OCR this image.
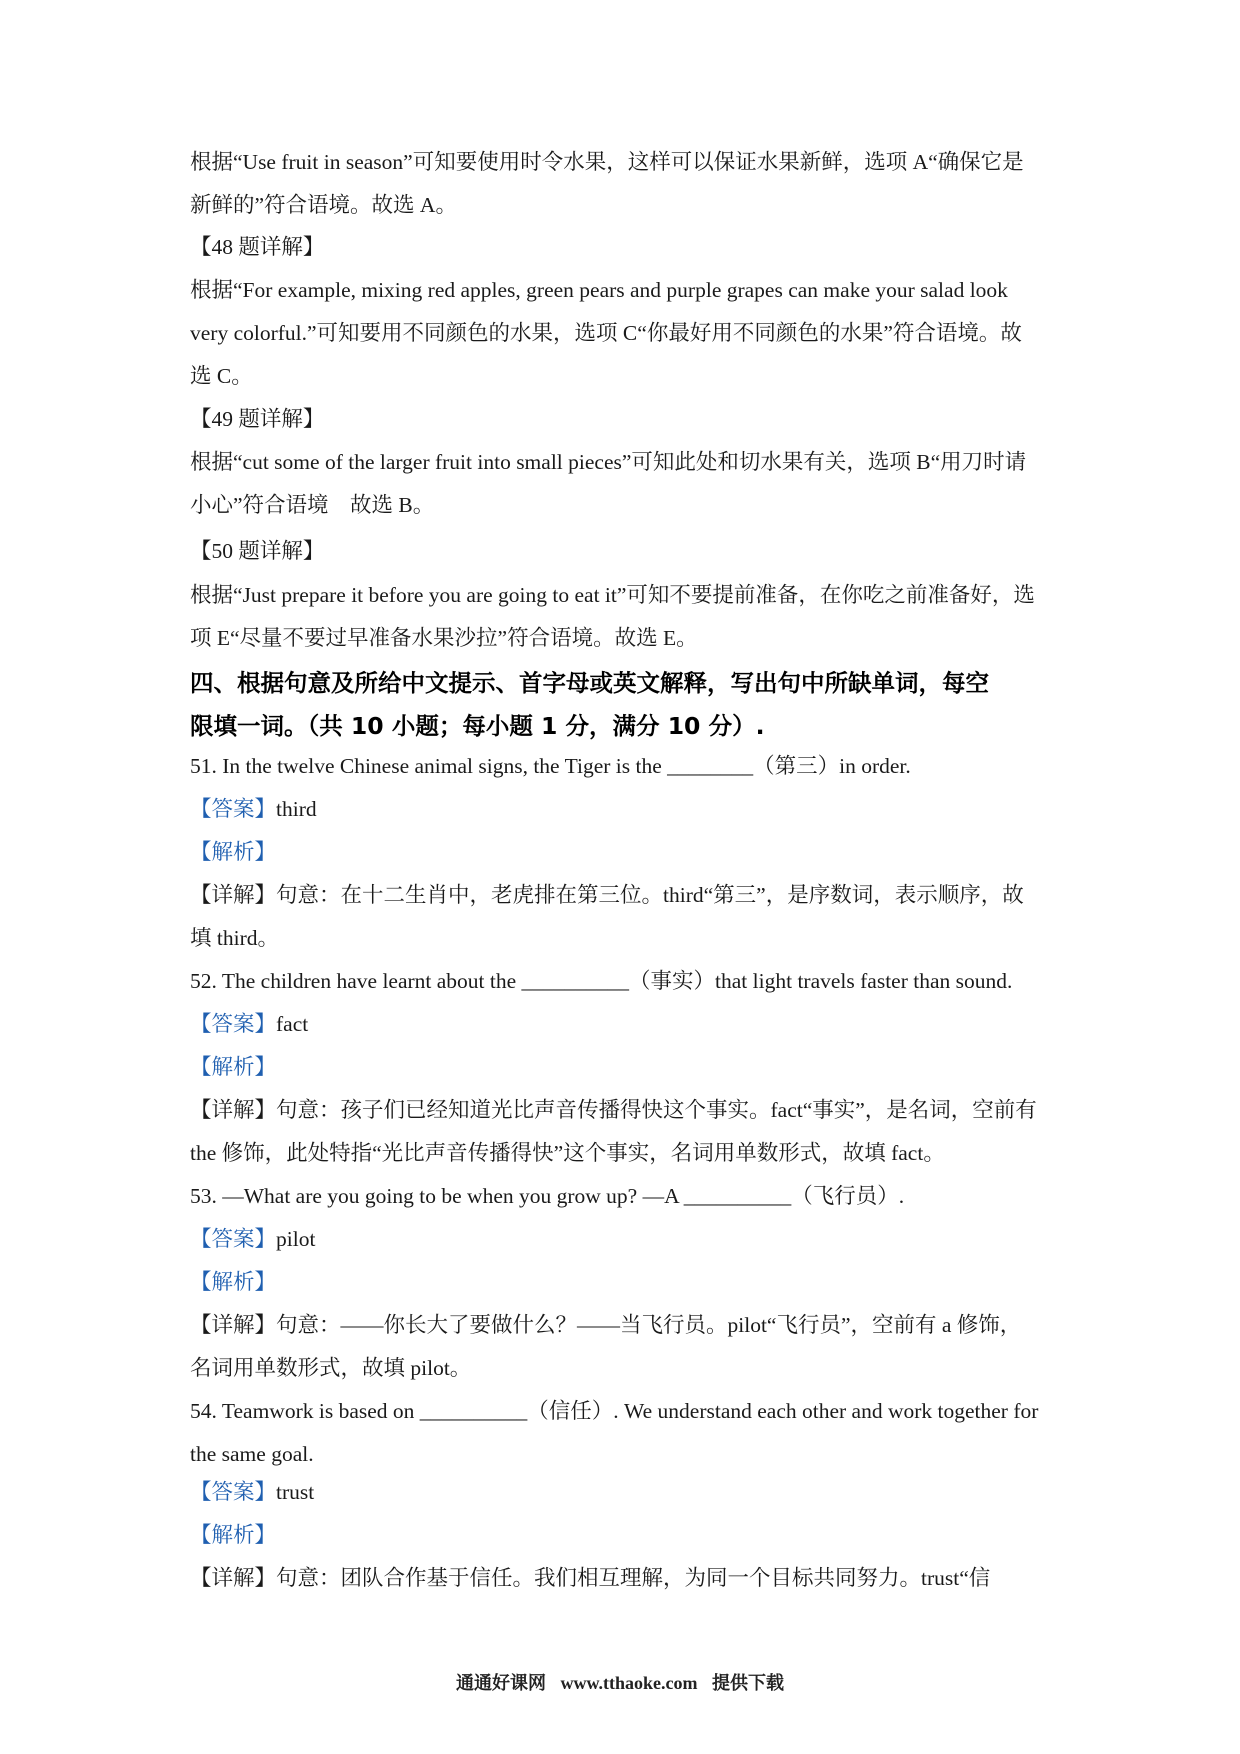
根据“Use fruit in season”可知要使用时令水果，这样可以保证水果新鲜，选项 A“确保它是
新鲜的”符合语境。故选 A。
【48 题详解】
根据“For example, mixing red apples, green pears and purple grapes can make your salad look
very colorful.”可知要用不同颜色的水果，选项 C“你最好用不同颜色的水果”符合语境。故
选 C。
【49 题详解】
根据“cut some of the larger fruit into small pieces”可知此处和切水果有关，选项 B“用刀时请
小心”符合语境　故选 B。
【50 题详解】
根据“Just prepare it before you are going to eat it”可知不要提前准备，在你吃之前准备好，选
项 E“尽量不要过早准备水果沙拉”符合语境。故选 E。
四、根据句意及所给中文提示、首字母或英文解释，写出句中所缺单词，每空
限填一词。（共 10 小题；每小题 1 分，满分 10 分）.
51. In the twelve Chinese animal signs, the Tiger is the ________（第三）in order.
【答案】third
【解析】
【详解】句意：在十二生肖中，老虎排在第三位。third“第三”，是序数词，表示顺序，故
填 third。
52. The children have learnt about the __________（事实）that light travels faster than sound.
【答案】fact
【解析】
【详解】句意：孩子们已经知道光比声音传播得快这个事实。fact“事实”，是名词，空前有
the 修饰，此处特指“光比声音传播得快”这个事实，名词用单数形式，故填 fact。
53. —What are you going to be when you grow up? —A __________（飞行员）.
【答案】pilot
【解析】
【详解】句意：——你长大了要做什么？——当飞行员。pilot“飞行员”，空前有 a 修饰，
名词用单数形式，故填 pilot。
54. Teamwork is based on __________（信任）. We understand each other and work together for
the same goal.
【答案】trust
【解析】
【详解】句意：团队合作基于信任。我们相互理解，为同一个目标共同努力。trust“信
通通好课网 www.tthaoke.com 提供下载
